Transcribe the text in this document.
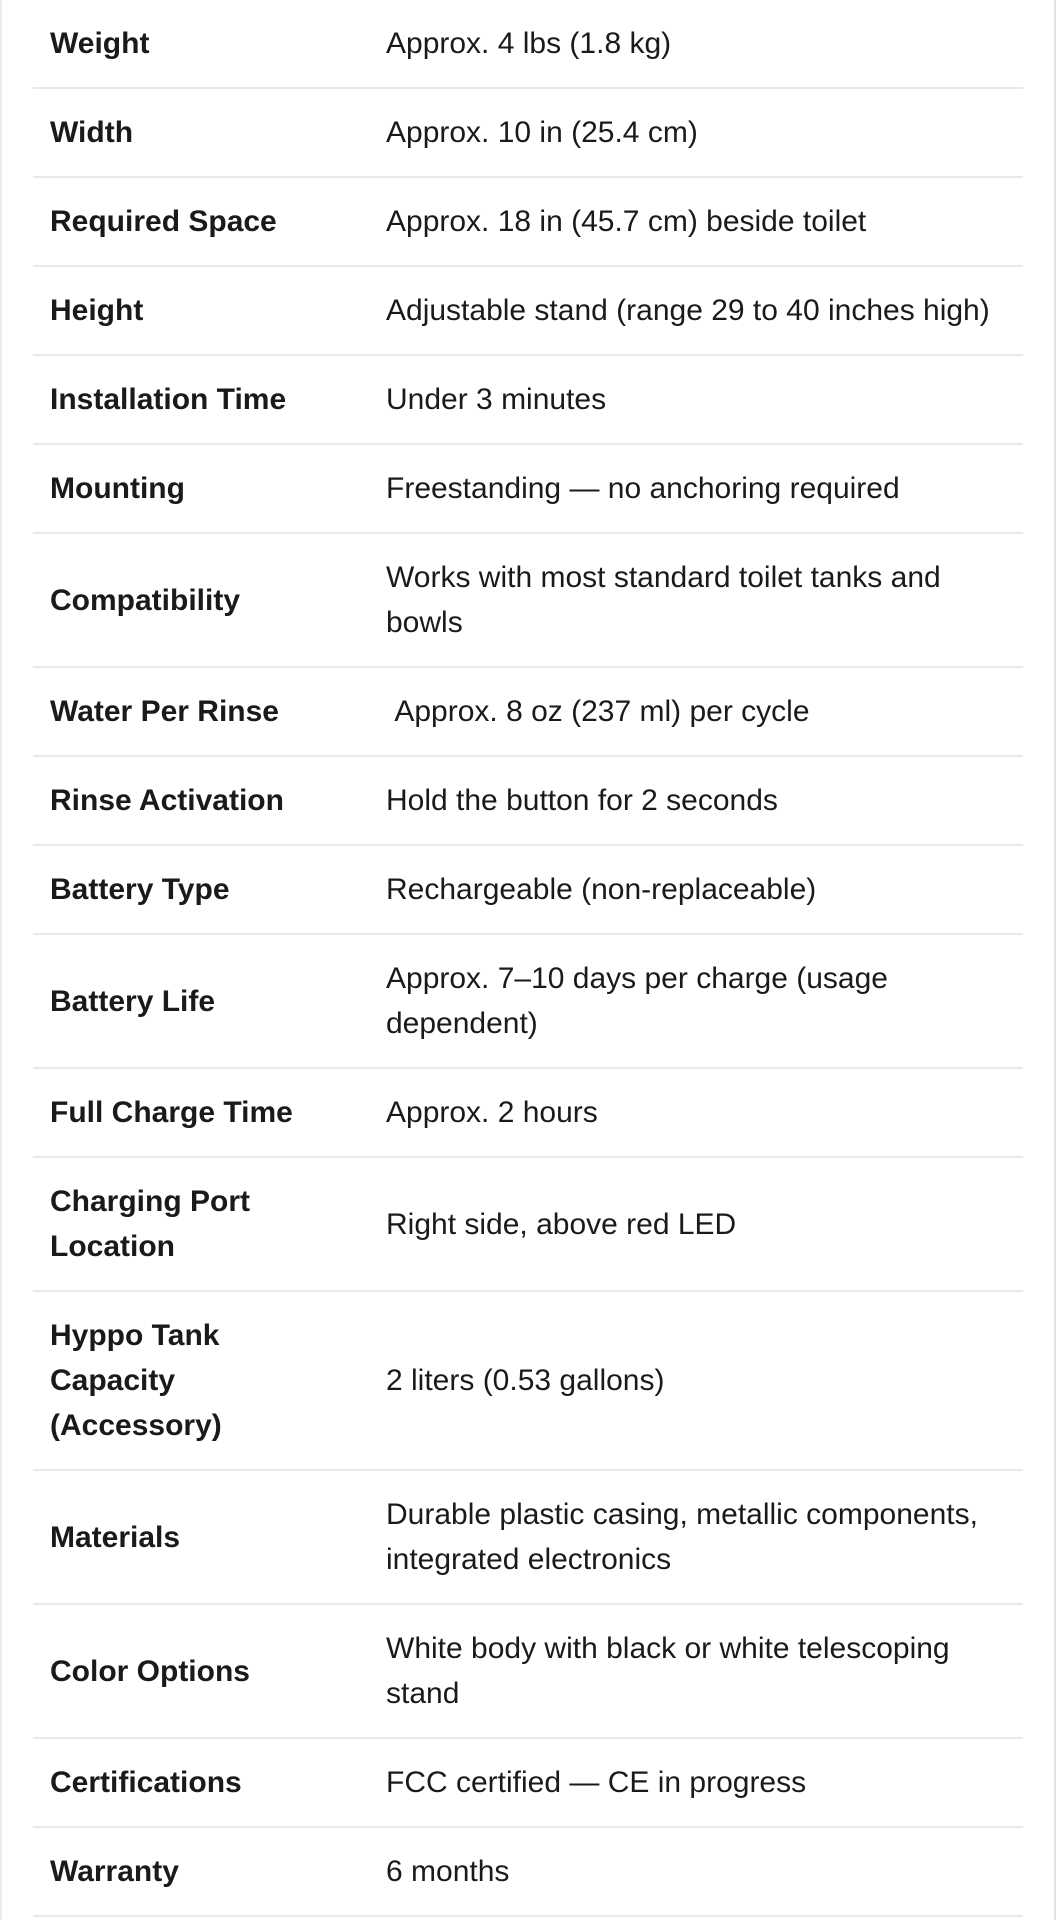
Weight	Approx. 4 lbs (1.8 kg)
Width	Approx. 10 in (25.4 cm)
Required Space	Approx. 18 in (45.7 cm) beside toilet
Height	Adjustable stand (range 29 to 40 inches high)
Installation Time	Under 3 minutes
Mounting	Freestanding — no anchoring required
Compatibility	Works with most standard toilet tanks and bowls
Water Per Rinse	Approx. 8 oz (237 ml) per cycle
Rinse Activation	Hold the button for 2 seconds
Battery Type	Rechargeable (non-replaceable)
Battery Life	Approx. 7–10 days per charge (usage dependent)
Full Charge Time	Approx. 2 hours
Charging Port Location	Right side, above red LED
Hyppo Tank Capacity (Accessory)	2 liters (0.53 gallons)
Materials	Durable plastic casing, metallic components, integrated electronics
Color Options	White body with black or white telescoping stand
Certifications	FCC certified — CE in progress
Warranty	6 months
